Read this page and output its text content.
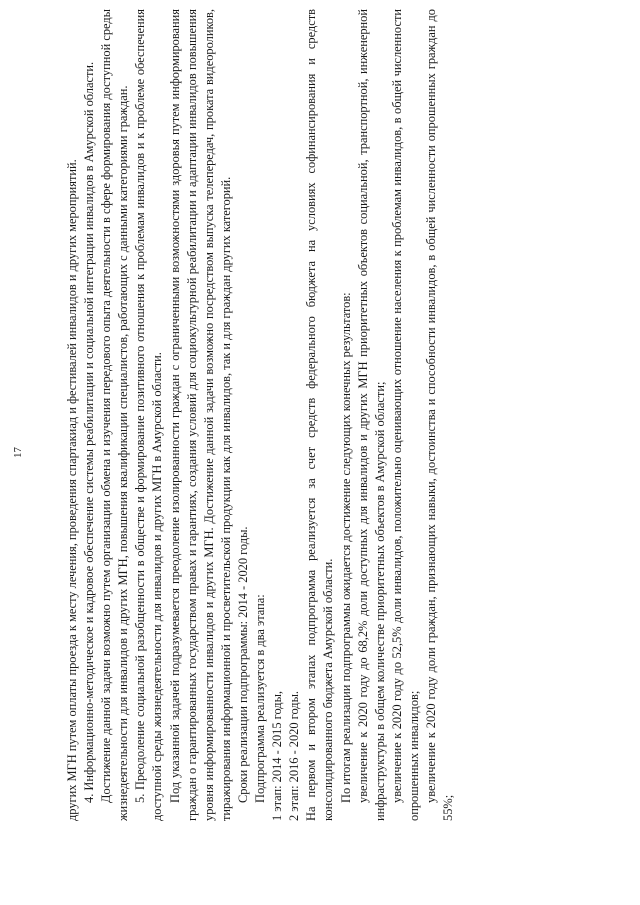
17	других МГН путем оплаты проезда к месту лечения, проведения спартакиад и фестивалей инвалидов и других мероприятий. 4. Информационно-методическое и кадровое обеспечение системы реабилитации и социальной интеграции инвалидов в Амурской области. Достижение данной задачи возможно путем организации обмена и изучения передового опыта деятельности в сфере формирования доступной среды жизнедеятельности для инвалидов и других МГН, повышения квалификации специалистов, работающих с данными категориями граждан. 5. Преодоление социальной разобщенности в обществе и формирование позитивного отношения к проблемам инвалидов и к проблеме обеспечения доступной среды жизнедеятельности для инвалидов и других МГН в Амурской области. Под указанной задачей подразумевается преодоление изолированности граждан с ограниченными возможностями здоровья путем информирования граждан о гарантированных государством правах и гарантиях, создания условий для социокультурной реабилитации и адаптации инвалидов повышения уровня информированности инвалидов и других МГН. Достижение данной задачи возможно посредством выпуска телепередач, проката видеороликов, тиражирования информационной и просветительской продукции как для инвалидов, так и для граждан других категорий. Сроки реализации подпрограммы: 2014 - 2020 годы. Подпрограмма реализуется в два этапа: 1 этап: 2014 - 2015 годы, 2 этап: 2016 - 2020 годы. На первом и втором этапах подпрограмма реализуется за счет средств федерального бюджета на условиях софинансирования и средств консолидированного бюджета Амурской области. По итогам реализации подпрограммы ожидается достижение следующих конечных результатов: увеличение к 2020 году до 68,2% доли доступных для инвалидов и других МГН приоритетных объектов социальной, транспортной, инженерной инфраструктуры в общем количестве приоритетных объектов в Амурской области; увеличение к 2020 году до 52,5% доли инвалидов, положительно оценивающих отношение населения к проблемам инвалидов, в общей численности опрошенных инвалидов; увеличение к 2020 году доли граждан, признающих навыки, достоинства и способности инвалидов, в общей численности опрошенных граждан до 55%;
